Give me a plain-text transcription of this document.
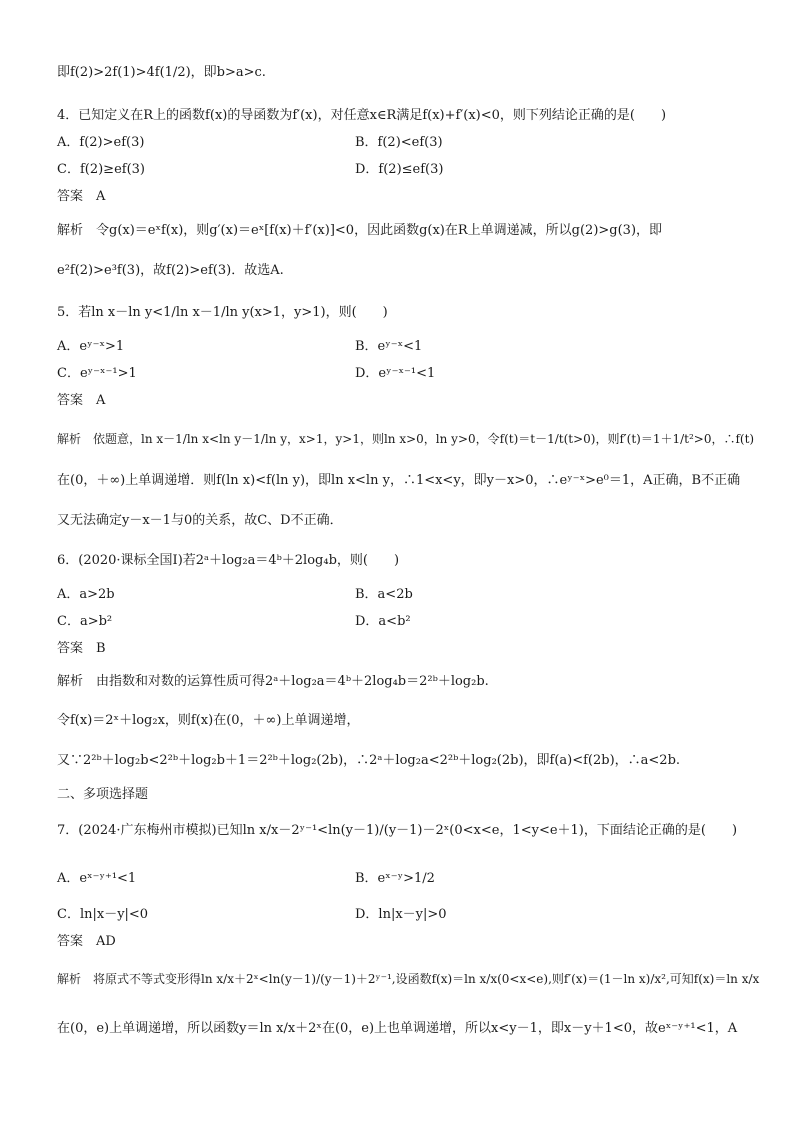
即f(2)>2f(1)>4f(1/2)，即b>a>c.
4．已知定义在R上的函数f(x)的导函数为f′(x)，对任意x∈R满足f(x)+f′(x)<0，则下列结论正确的是(　　)
A．f(2)>ef(3)	B．f(2)<ef(3)
C．f(2)≥ef(3)	D．f(2)≤ef(3)
答案　A
解析　令g(x)＝eˣf(x)，则g′(x)＝eˣ[f(x)＋f′(x)]<0，因此函数g(x)在R上单调递减，所以g(2)>g(3)，即
e²f(2)>e³f(3)，故f(2)>ef(3)．故选A.
5．若ln x－ln y<1/ln x－1/ln y(x>1，y>1)，则(　　)
A．eʸ⁻ˣ>1	B．eʸ⁻ˣ<1
C．eʸ⁻ˣ⁻¹>1	D．eʸ⁻ˣ⁻¹<1
答案　A
解析　依题意，ln x－1/ln x<ln y－1/ln y，x>1，y>1，则ln x>0，ln y>0，令f(t)＝t－1/t(t>0)，则f′(t)＝1＋1/t²>0，∴f(t)
在(0，＋∞)上单调递增．则f(ln x)<f(ln y)，即ln x<ln y，∴1<x<y，即y－x>0，∴eʸ⁻ˣ>e⁰＝1，A正确，B不正确
又无法确定y－x－1与0的关系，故C、D不正确．
6．(2020·课标全国Ⅰ)若2ᵃ＋log₂a＝4ᵇ＋2log₄b，则(　　)
A．a>2b	B．a<2b
C．a>b²	D．a<b²
答案　B
解析　由指数和对数的运算性质可得2ᵃ＋log₂a＝4ᵇ＋2log₄b＝2²ᵇ＋log₂b.
令f(x)＝2ˣ＋log₂x，则f(x)在(0，＋∞)上单调递增，
又∵2²ᵇ＋log₂b<2²ᵇ＋log₂b＋1＝2²ᵇ＋log₂(2b)，∴2ᵃ＋log₂a<2²ᵇ＋log₂(2b)，即f(a)<f(2b)，∴a<2b.
二、多项选择题
7．(2024·广东梅州市模拟)已知ln x/x－2ʸ⁻¹<ln(y－1)/(y－1)－2ˣ(0<x<e，1<y<e＋1)，下面结论正确的是(　　)
A．eˣ⁻ʸ⁺¹<1	B．eˣ⁻ʸ>1/2
C．ln|x－y|<0	D．ln|x－y|>0
答案　AD
解析　将原式不等式变形得ln x/x＋2ˣ<ln(y－1)/(y－1)＋2ʸ⁻¹,设函数f(x)＝ln x/x(0<x<e),则f′(x)＝(1－ln x)/x²,可知f(x)＝ln x/x
在(0，e)上单调递增，所以函数y＝ln x/x＋2ˣ在(0，e)上也单调递增，所以x<y－1，即x－y＋1<0，故eˣ⁻ʸ⁺¹<1，A
